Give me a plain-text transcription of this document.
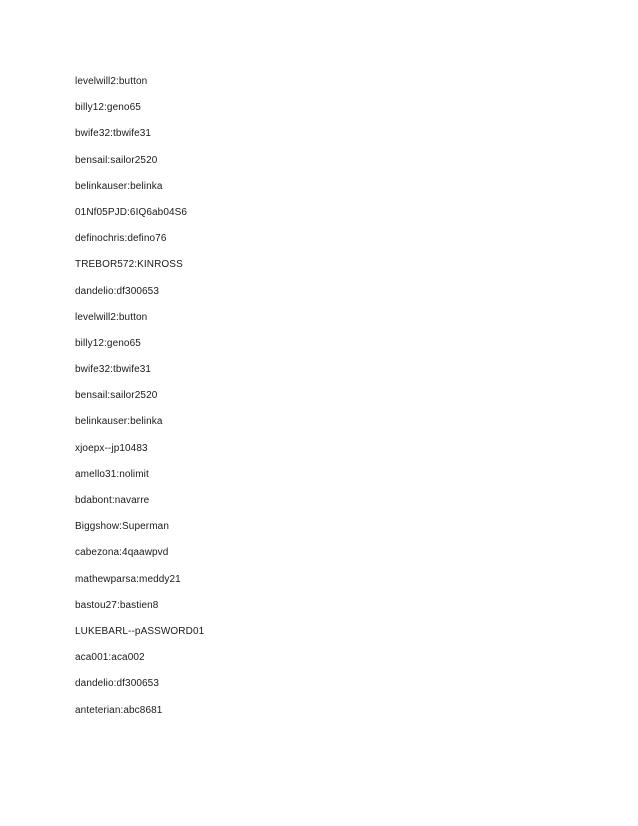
levelwill2:button
billy12:geno65
bwife32:tbwife31
bensail:sailor2520
belinkauser:belinka
01Nf05PJD:6IQ6ab04S6
definochris:defino76
TREBOR572:KINROSS
dandelio:df300653
levelwill2:button
billy12:geno65
bwife32:tbwife31
bensail:sailor2520
belinkauser:belinka
xjoepx--jp10483
amello31:nolimit
bdabont:navarre
Biggshow:Superman
cabezona:4qaawpvd
mathewparsa:meddy21
bastou27:bastien8
LUKEBARL--pASSWORD01
aca001:aca002
dandelio:df300653
anteterian:abc8681
